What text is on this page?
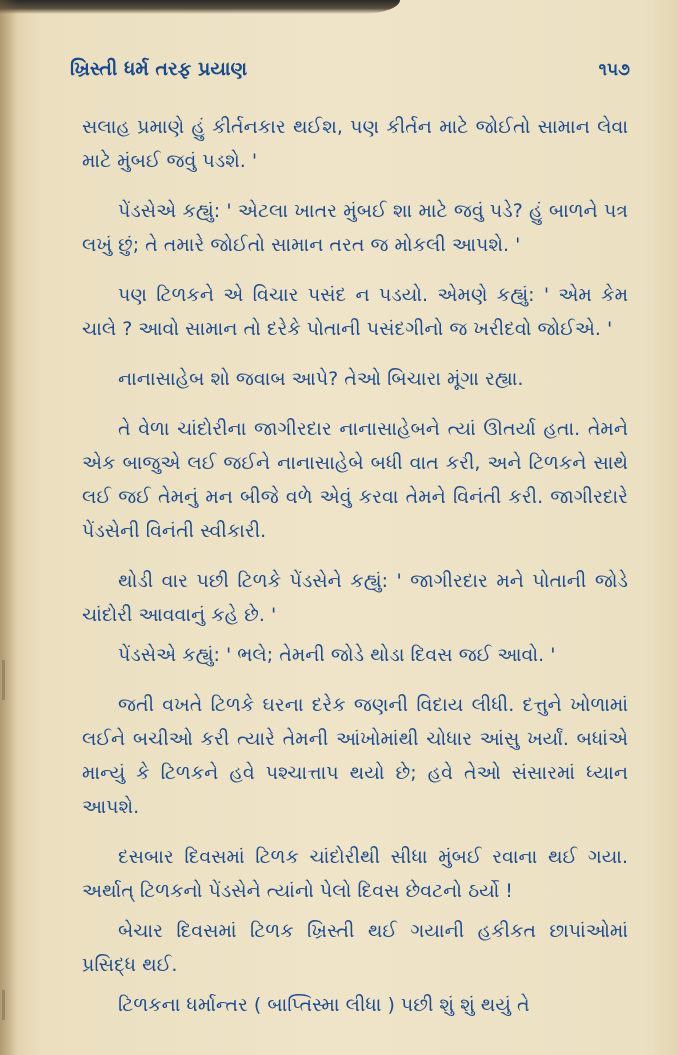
ખ્રિસ્તી ધર્મ તરફ પ્રયાણ	૧૫૭

સલાહ પ્રમાણે હું કીર્તનકાર થઈશ, પણ કીર્તન માટે જોઈતો સામાન લેવા માટે મુંબઈ જવું પડશે. '

પેંડસેએ કહ્યું: ' એટલા ખાતર મુંબઈ શા માટે જવું પડે? હું બાળને પત્ર લખું છું; તે તમારે જોઈતો સામાન તરત જ મોકલી આપશે. '

પણ ટિળકને એ વિચાર પસંદ ન પડયો. એમણે કહ્યું: ' એમ કેમ ચાલે ? આવો સામાન તો દરેકે પોતાની પસંદગીનો જ ખરીદવો જોઈએ. '

નાનાસાહેબ શો જવાબ આપે? તેઓ બિચારા મૂંગા રહ્યા.

તે વેળા ચાંદોરીના જાગીરદાર નાનાસાહેબને ત્યાં ઊતર્યા હતા. તેમને એક બાજુએ લઈ જઈને નાનાસાહેબે બધી વાત કરી, અને ટિળકને સાથે લઈ જઈ તેમનું મન બીજે વળે એવું કરવા તેમને વિનંતી કરી. જાગીરદારે પેંડસેની વિનંતી સ્વીકારી.

થોડી વાર પછી ટિળકે પેંડસેને કહ્યું: ' જાગીરદાર મને પોતાની જોડે ચાંદોરી આવવાનું કહે છે. '

પેંડસેએ કહ્યું: ' ભલે; તેમની જોડે થોડા દિવસ જઈ આવો. '

જતી વખતે ટિળકે ઘરના દરેક જણની વિદાય લીધી. દત્તુને ખોળામાં લઈને બચીઓ કરી ત્યારે તેમની આંખોમાંથી ચોધાર આંસુ ખર્યાં. બધાંએ માન્યું કે ટિળકને હવે પશ્ચાત્તાપ થયો છે; હવે તેઓ સંસારમાં ધ્યાન આપશે.

દસબાર દિવસમાં ટિળક ચાંદોરીથી સીધા મુંબઈ રવાના થઈ ગયા. અર્થાત્ ટિળકનો પેંડસેને ત્યાંનો પેલો દિવસ છેવટનો ઠર્યો !

બેચાર દિવસમાં ટિળક ખ્રિસ્તી થઈ ગયાની હકીકત છાપાંઓમાં પ્રસિદ્ધ થઈ.

ટિળકના ધર્માન્તર ( બાપ્તિસ્મા લીધા ) પછી શું શું થયું તે
